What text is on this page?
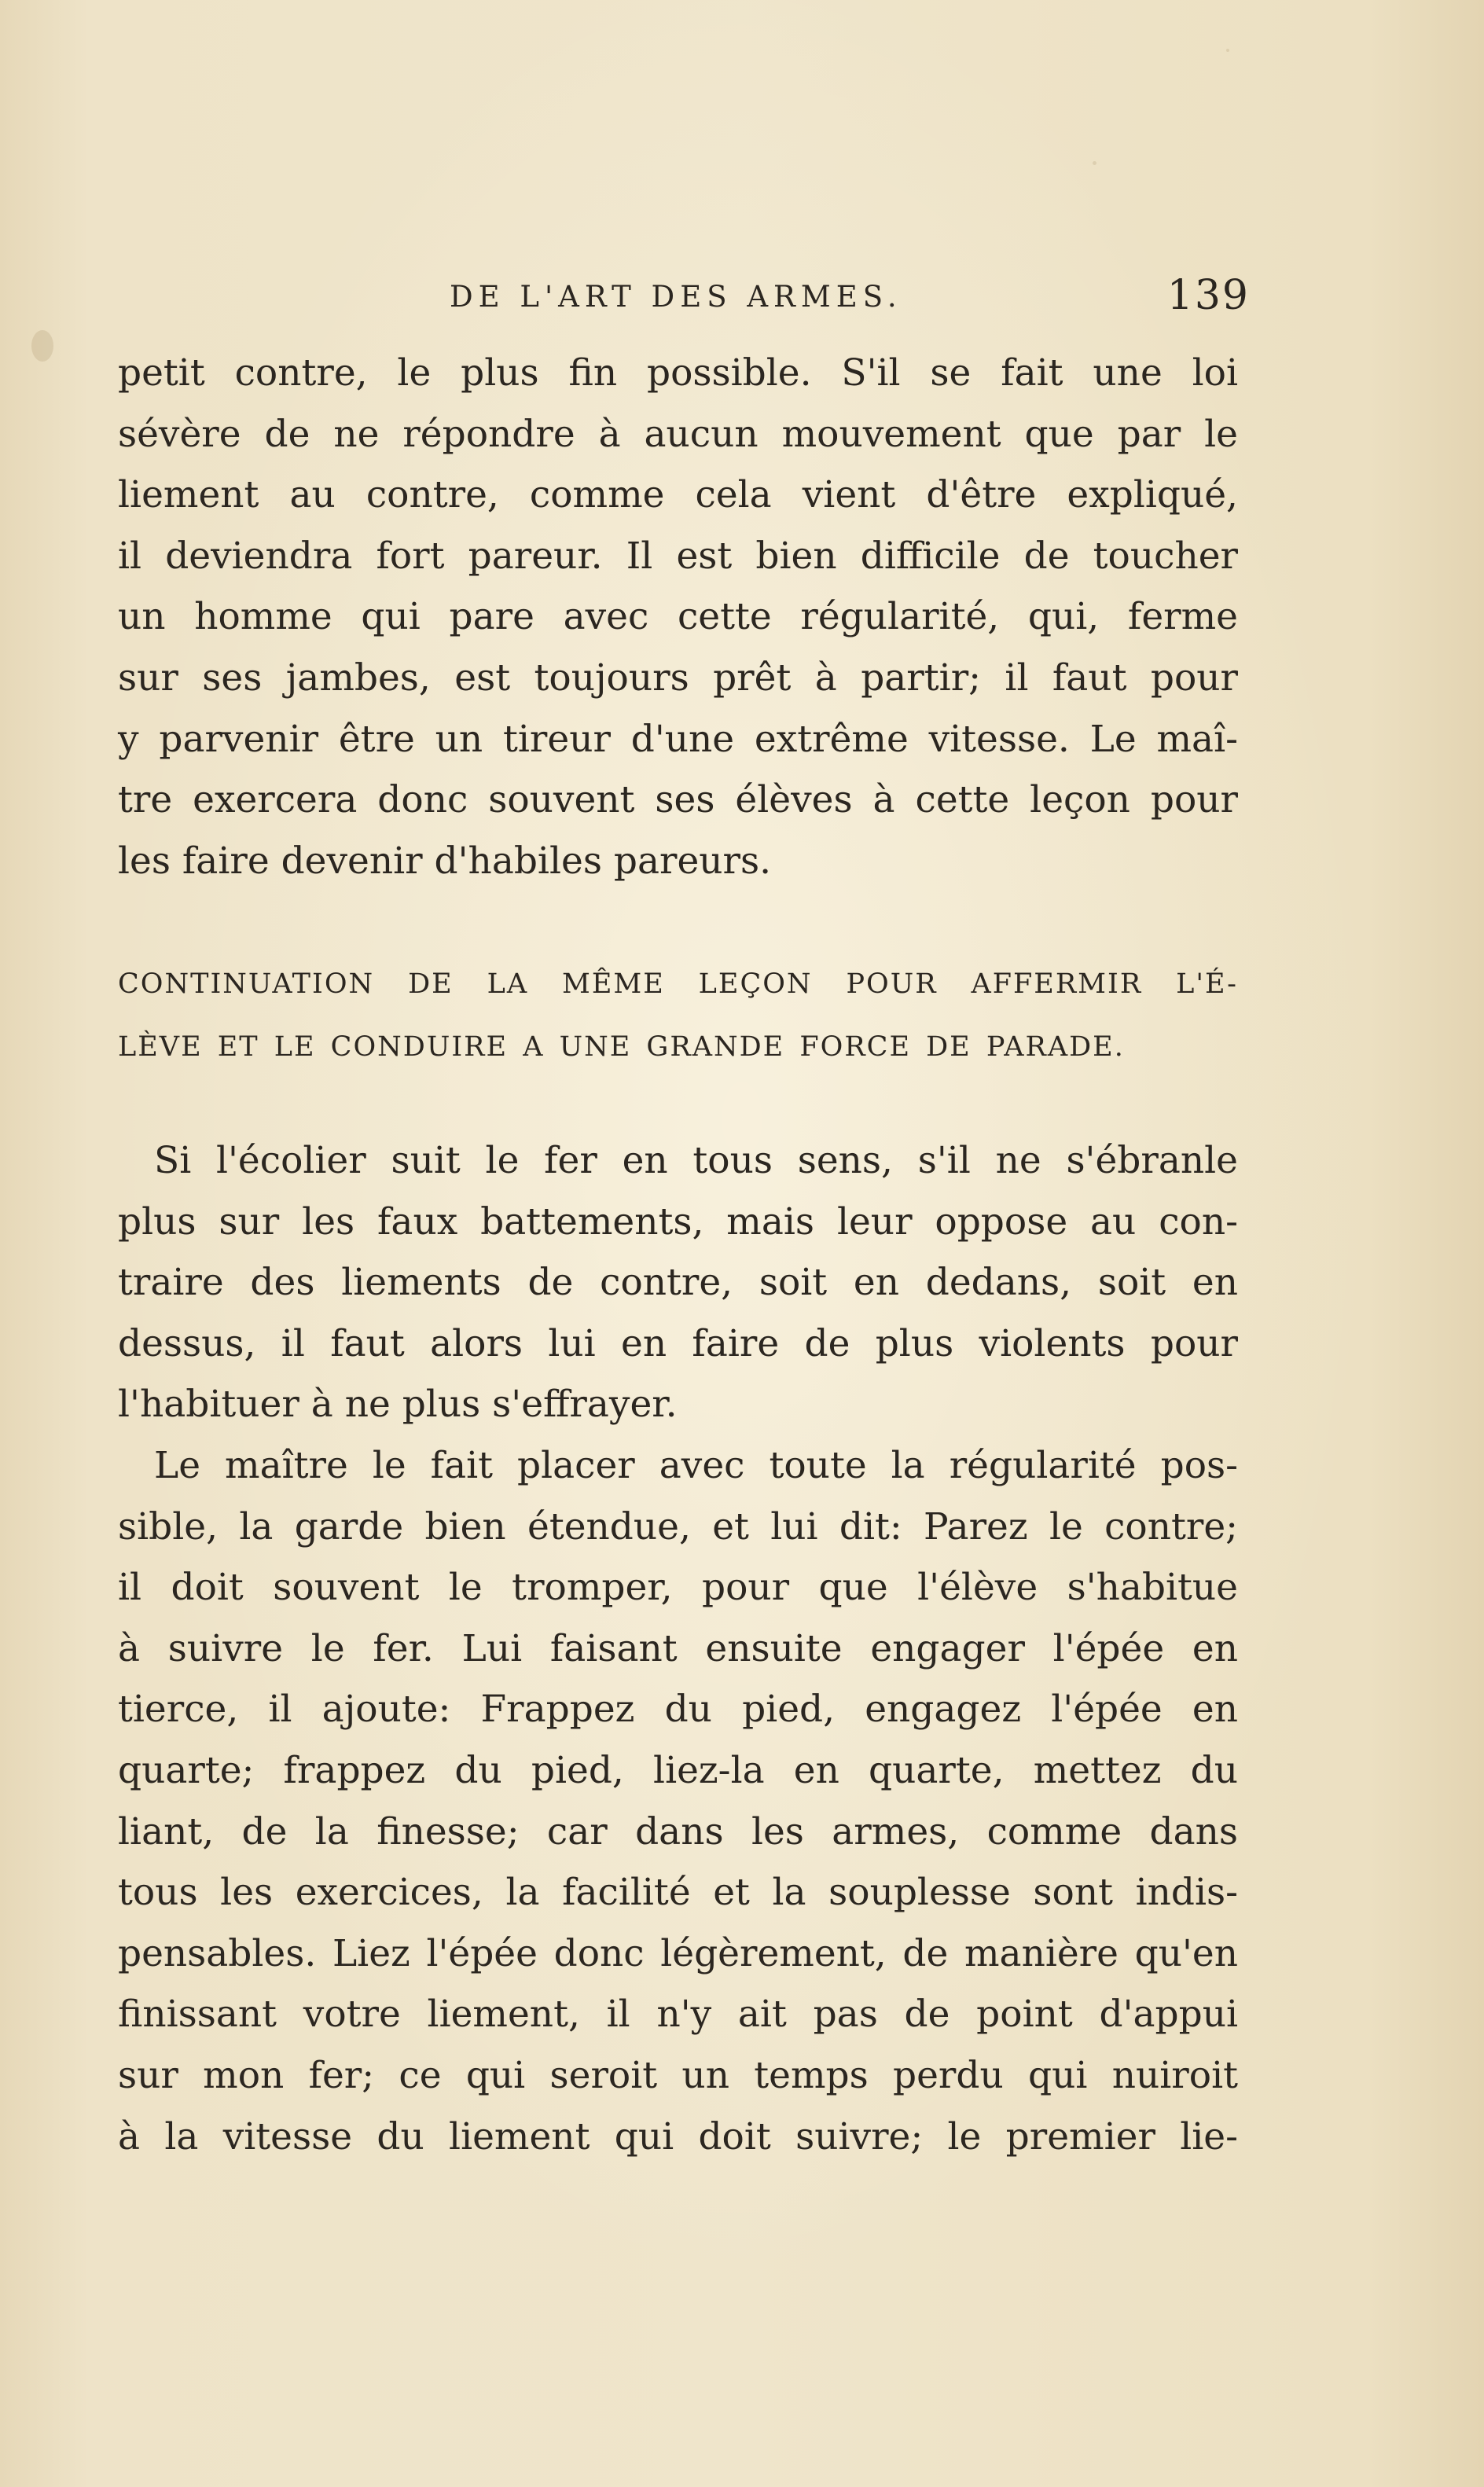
DE L'ART DES ARMES.	139
petit contre, le plus fin possible. S'il se fait une loi
sévère de ne répondre à aucun mouvement que par le
liement au contre, comme cela vient d'être expliqué,
il deviendra fort pareur. Il est bien difficile de toucher
un homme qui pare avec cette régularité, qui, ferme
sur ses jambes, est toujours prêt à partir; il faut pour
y parvenir être un tireur d'une extrême vitesse. Le maî-
tre exercera donc souvent ses élèves à cette leçon pour
les faire devenir d'habiles pareurs.
CONTINUATION DE LA MÊME LEÇON POUR AFFERMIR L'É-
LÈVE ET LE CONDUIRE A UNE GRANDE FORCE DE PARADE.
Si l'écolier suit le fer en tous sens, s'il ne s'ébranle
plus sur les faux battements, mais leur oppose au con-
traire des liements de contre, soit en dedans, soit en
dessus, il faut alors lui en faire de plus violents pour
l'habituer à ne plus s'effrayer.
Le maître le fait placer avec toute la régularité pos-
sible, la garde bien étendue, et lui dit: Parez le contre;
il doit souvent le tromper, pour que l'élève s'habitue
à suivre le fer. Lui faisant ensuite engager l'épée en
tierce, il ajoute: Frappez du pied, engagez l'épée en
quarte; frappez du pied, liez-la en quarte, mettez du
liant, de la finesse; car dans les armes, comme dans
tous les exercices, la facilité et la souplesse sont indis-
pensables. Liez l'épée donc légèrement, de manière qu'en
finissant votre liement, il n'y ait pas de point d'appui
sur mon fer; ce qui seroit un temps perdu qui nuiroit
à la vitesse du liement qui doit suivre; le premier lie-
